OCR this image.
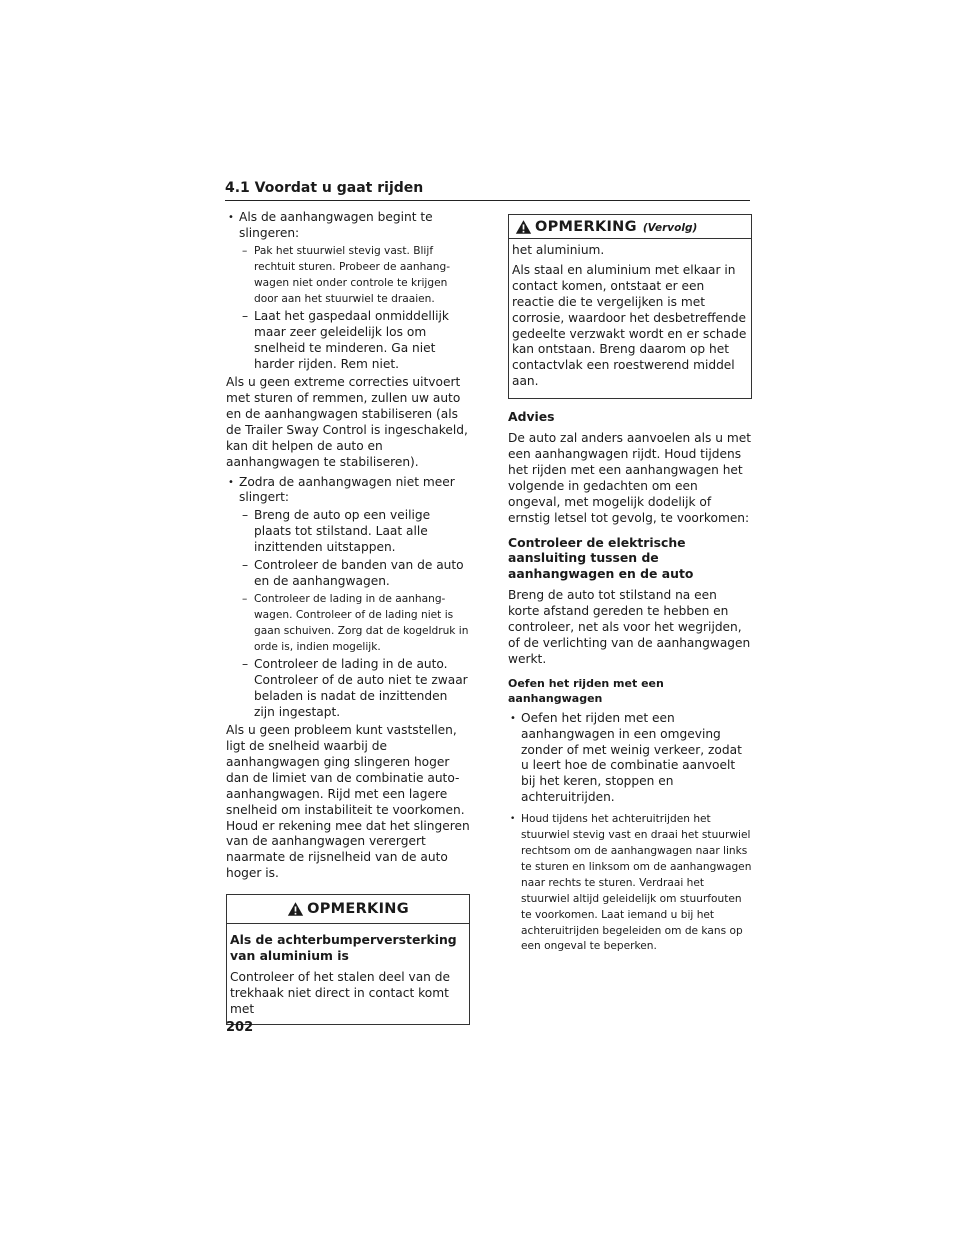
4.1 Voordat u gaat rijden
• Als de aanhangwagen begint te slingeren:
– Pak het stuurwiel stevig vast. Blijf rechtuit sturen. Probeer de aanhang-wagen niet onder controle te krijgen door aan het stuurwiel te draaien.
– Laat het gaspedaal onmiddellijk maar zeer geleidelijk los om snelheid te minderen. Ga niet harder rijden. Rem niet.
Als u geen extreme correcties uitvoert met sturen of remmen, zullen uw auto en de aanhangwagen stabiliseren (als de Trailer Sway Control is ingeschakeld, kan dit helpen de auto en aanhangwagen te stabiliseren).
• Zodra de aanhangwagen niet meer slingert:
– Breng de auto op een veilige plaats tot stilstand. Laat alle inzittenden uitstappen.
– Controleer de banden van de auto en de aanhangwagen.
– Controleer de lading in de aanhang-wagen. Controleer of de lading niet is gaan schuiven. Zorg dat de kogeldruk in orde is, indien mogelijk.
– Controleer de lading in de auto. Controleer of de auto niet te zwaar beladen is nadat de inzittenden zijn ingestapt.
Als u geen probleem kunt vaststellen, ligt de snelheid waarbij de aanhangwagen ging slingeren hoger dan de limiet van de combinatie auto-aanhangwagen. Rijd met een lagere snelheid om instabiliteit te voorkomen. Houd er rekening mee dat het slingeren van de aanhangwagen verergert naarmate de rijsnelheid van de auto hoger is.
OPMERKING
Als de achterbumperversterking van aluminium is
Controleer of het stalen deel van de trekhaak niet direct in contact komt met
OPMERKING (Vervolg)
het aluminium.
Als staal en aluminium met elkaar in contact komen, ontstaat er een reactie die te vergelijken is met corrosie, waardoor het desbetreffende gedeelte verzwakt wordt en er schade kan ontstaan. Breng daarom op het contactvlak een roestwerend middel aan.
Advies
De auto zal anders aanvoelen als u met een aanhangwagen rijdt. Houd tijdens het rijden met een aanhangwagen het volgende in gedachten om een ongeval, met mogelijk dodelijk of ernstig letsel tot gevolg, te voorkomen:
Controleer de elektrische aansluiting tussen de aanhangwagen en de auto
Breng de auto tot stilstand na een korte afstand gereden te hebben en controleer, net als voor het wegrijden, of de verlichting van de aanhangwagen werkt.
Oefen het rijden met een aanhangwagen
• Oefen het rijden met een aanhangwagen in een omgeving zonder of met weinig verkeer, zodat u leert hoe de combinatie aanvoelt bij het keren, stoppen en achteruitrijden.
• Houd tijdens het achteruitrijden het stuurwiel stevig vast en draai het stuurwiel rechtsom om de aanhangwagen naar links te sturen en linksom om de aanhangwagen naar rechts te sturen. Verdraai het stuurwiel altijd geleidelijk om stuurfouten te voorkomen. Laat iemand u bij het achteruitrijden begeleiden om de kans op een ongeval te beperken.
202
